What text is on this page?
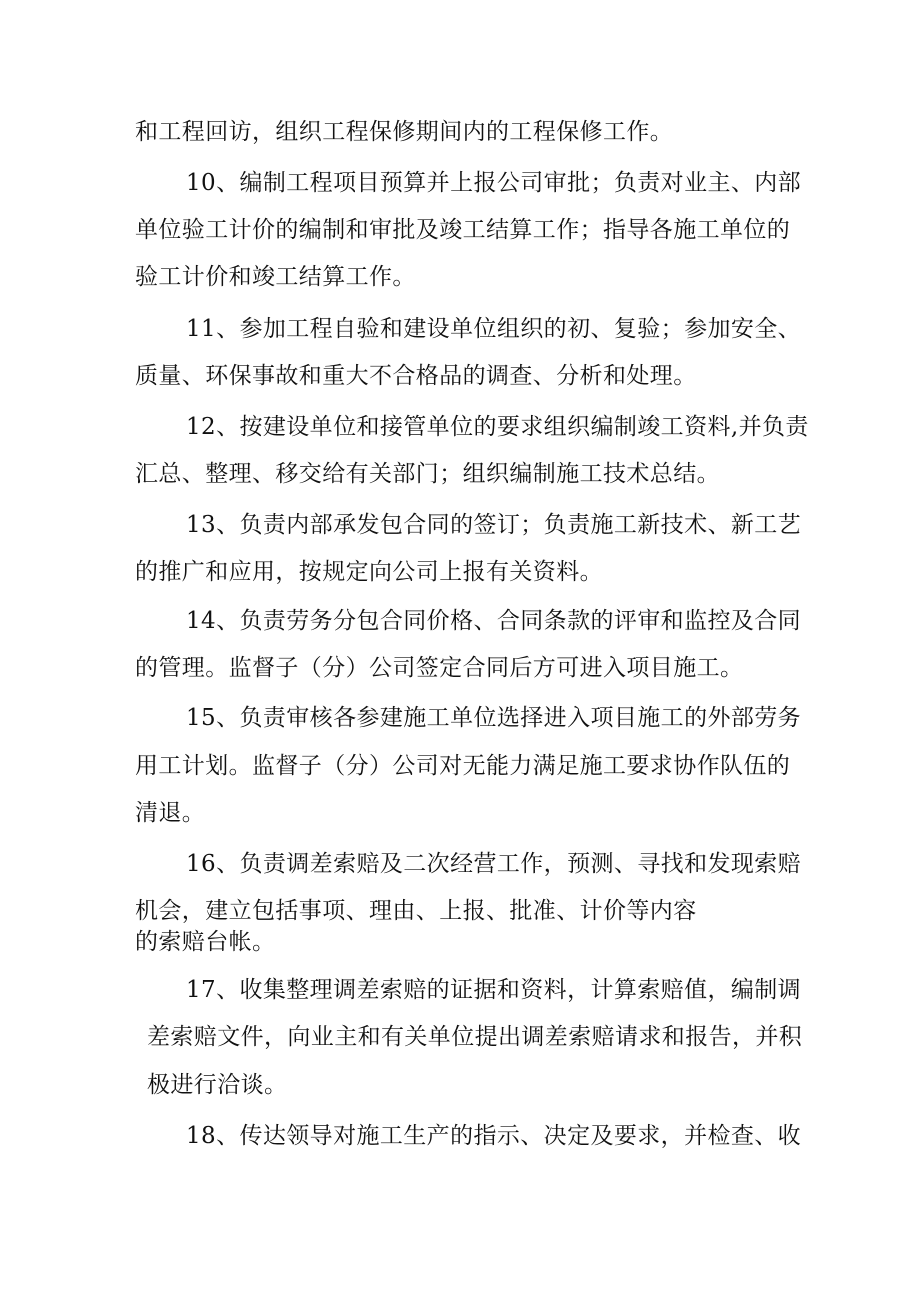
和工程回访，组织工程保修期间内的工程保修工作。
10、编制工程项目预算并上报公司审批；负责对业主、内部
单位验工计价的编制和审批及竣工结算工作；指导各施工单位的
验工计价和竣工结算工作。
11、参加工程自验和建设单位组织的初、复验；参加安全、
质量、环保事故和重大不合格品的调查、分析和处理。
12、按建设单位和接管单位的要求组织编制竣工资料,并负责
汇总、整理、移交给有关部门；组织编制施工技术总结。
13、负责内部承发包合同的签订；负责施工新技术、新工艺
的推广和应用，按规定向公司上报有关资料。
14、负责劳务分包合同价格、合同条款的评审和监控及合同
的管理。监督子（分）公司签定合同后方可进入项目施工。
15、负责审核各参建施工单位选择进入项目施工的外部劳务
用工计划。监督子（分）公司对无能力满足施工要求协作队伍的
清退。
16、负责调差索赔及二次经营工作，预测、寻找和发现索赔
机会，建立包括事项、理由、上报、批准、计价等内容
的索赔台帐。
17、收集整理调差索赔的证据和资料，计算索赔值，编制调
差索赔文件，向业主和有关单位提出调差索赔请求和报告，并积
极进行洽谈。
18、传达领导对施工生产的指示、决定及要求，并检查、收
